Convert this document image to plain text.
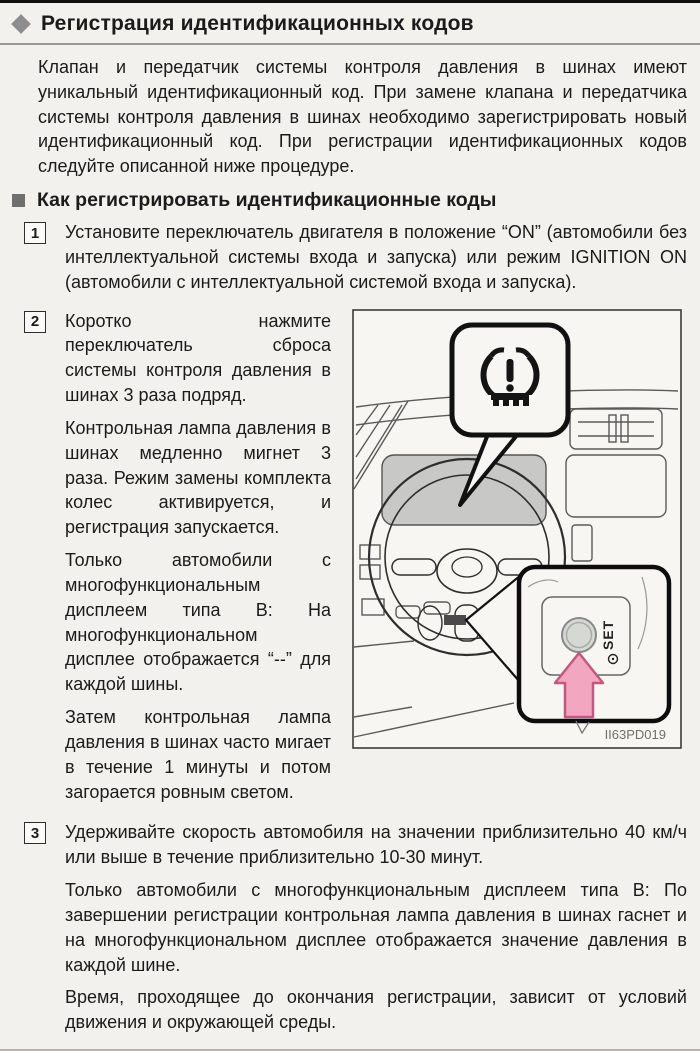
Регистрация идентификационных кодов

Клапан и передатчик системы контроля давления в шинах имеют уникальный идентификационный код. При замене клапана и передатчика системы контроля давления в шинах необходимо зарегистрировать новый идентификационный код. При регистрации идентификационных кодов следуйте описанной ниже процедуре.

Как регистрировать идентификационные коды
1	Установите переключатель двигателя в положение “ON” (автомобили без интеллектуальной системы входа и запуска) или режим IGNITION ON (автомобили с интеллектуальной системой входа и запуска).

2	Коротко нажмите переключатель сброса системы контроля давления в шинах 3 раза подряд.

Контрольная лампа давления в шинах медленно мигнет 3 раза. Режим замены комплекта колес активируется, и регистрация запускается.

Только автомобили с многофункциональным дисплеем типа B: На многофункциональном дисплее отображается “--” для каждой шины.

Затем контрольная лампа давления в шинах часто мигает в течение 1 минуты и потом загорается ровным светом.

SET
II63PD019
3	Удерживайте скорость автомобиля на значении приблизительно 40 км/ч или выше в течение приблизительно 10-30 минут.

Только автомобили с многофункциональным дисплеем типа B: По завершении регистрации контрольная лампа давления в шинах гаснет и на многофункциональном дисплее отображается значение давления в каждой шине.

Время, проходящее до окончания регистрации, зависит от условий движения и окружающей среды.
